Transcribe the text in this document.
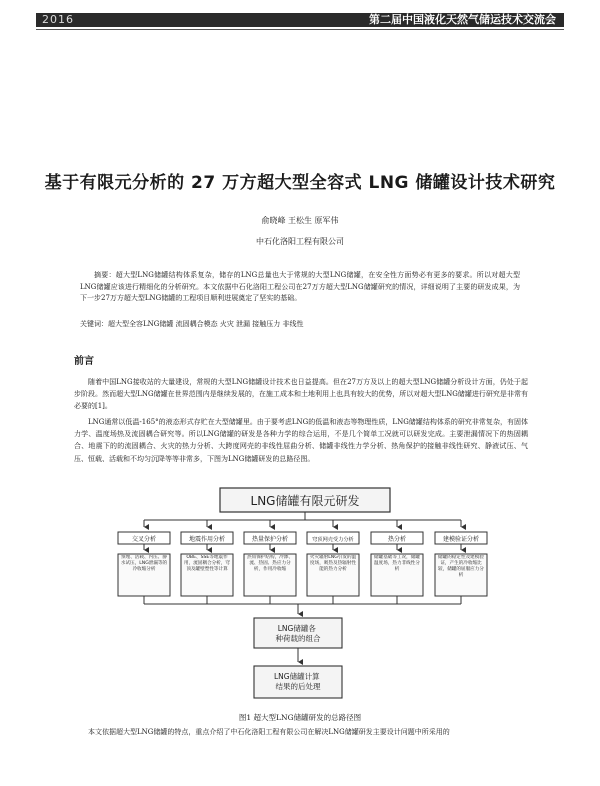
2016	第二届中国液化天然气储运技术交流会
基于有限元分析的 27 万方超大型全容式 LNG 储罐设计技术研究
俞晓峰 王松生 原军伟
中石化洛阳工程有限公司
摘要：超大型LNG储罐结构体系复杂，储存的LNG总量也大于常规的大型LNG储罐，在安全性方面势必有更多的要求。所以对超大型LNG储罐应该进行精细化的分析研究。本文依据中石化洛阳工程公司在27万方超大型LNG储罐研究的情况，详细说明了主要的研发成果，为下一步27万方超大型LNG储罐的工程项目顺利进展奠定了坚实的基础。
关键词：超大型全容LNG储罐 流固耦合模态 火灾 泄漏 接触压力 非线性
前言
随着中国LNG接收站的大量建设，常规的大型LNG储罐设计技术也日益提高。但在27万方及以上的超大型LNG储罐分析设计方面，仍处于起步阶段。然而超大型LNG储罐在世界范围内是继续发展的，在施工成本和土地利用上也具有较大的优势，所以对超大型LNG储罐进行研究是非常有必要的[1]。
LNG通常以低温-165°的液态形式存贮在大型储罐里。由于要考虑LNG的低温和液态等物理性质，LNG储罐结构体系的研究非常复杂，有固体力学、温度场热及流固耦合研究等。所以LNG储罐的研发是各种力学的综合运用，不是几个简单工况就可以研发完成。主要泄漏情况下的热固耦合、地震下的的流固耦合、火灾的热力分析、大跨度网壳的非线性屈曲分析、储罐非线性力学分析、热角保护的接触非线性研究、静液试压、气压、恒载、活载和不均匀沉降等等非常多，下图为LNG储罐研发的总路径图。
LNG储罐有限元研发
交叉分析	地震作用分析	热量保护分析	穹顶网壳受力分析	热分析	建模验证分析
预埋、活载、内压、静水试压，LNG泄漏等的冷收缩分析
OBE、SSE等地震作用，流固耦合分析，穹顶及罐壁塑性等计算
热角保护结构，冷渗、流、热固、热应力分析，作用冷收缩
火灾辐射LNG引发的温度场，吸热及热辐射性能的热力分析
储罐基础等工况，储罐温度场，热力非线性分析
储罐的稳定性及建模验证，产生的冷收缩比较，储罐的屈服应力分析
LNG储罐各 种荷载的组合
LNG储罐计算 结果的后处理
图1 超大型LNG储罐研发的总路径图
本文依据超大型LNG储罐的特点，重点介绍了中石化洛阳工程有限公司在解决LNG储罐研发主要设计问题中所采用的
